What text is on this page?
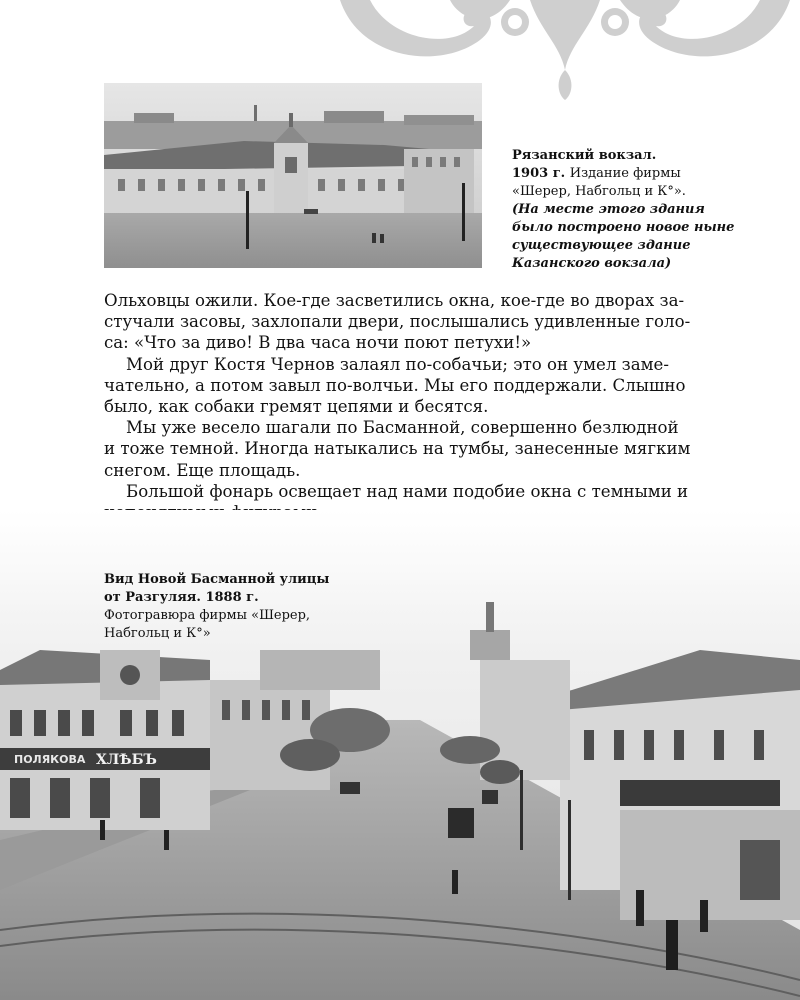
Рязанский вокзал.
1903 г. Издание фирмы
«Шерер, Набгольц и К°».
(На месте этого здания
было построено новое ныне
существующее здание
Казанского вокзала)
Ольховцы ожили. Кое-где засветились окна, кое-где во дворах за-
стучали засовы, захлопали двери, послышались удивленные голо-
са: «Что за диво! В два часа ночи поют петухи!»
Мой друг Костя Чернов залаял по-собачьи; это он умел заме-
чательно, а потом завыл по-волчьи. Мы его поддержали. Слышно
было, как собаки гремят цепями и бесятся.
Мы уже весело шагали по Басманной, совершенно безлюдной
и тоже темной. Иногда натыкались на тумбы, занесенные мягким
снегом. Еще площадь.
Большой фонарь освещает над нами подобие окна с темными и
ПОЛЯКОВА ХЛѢБЪ
Вид Новой Басманной улицы
от Разгуляя. 1888 г.
Фотогравюра фирмы «Шерер,
Набгольц и К°»
